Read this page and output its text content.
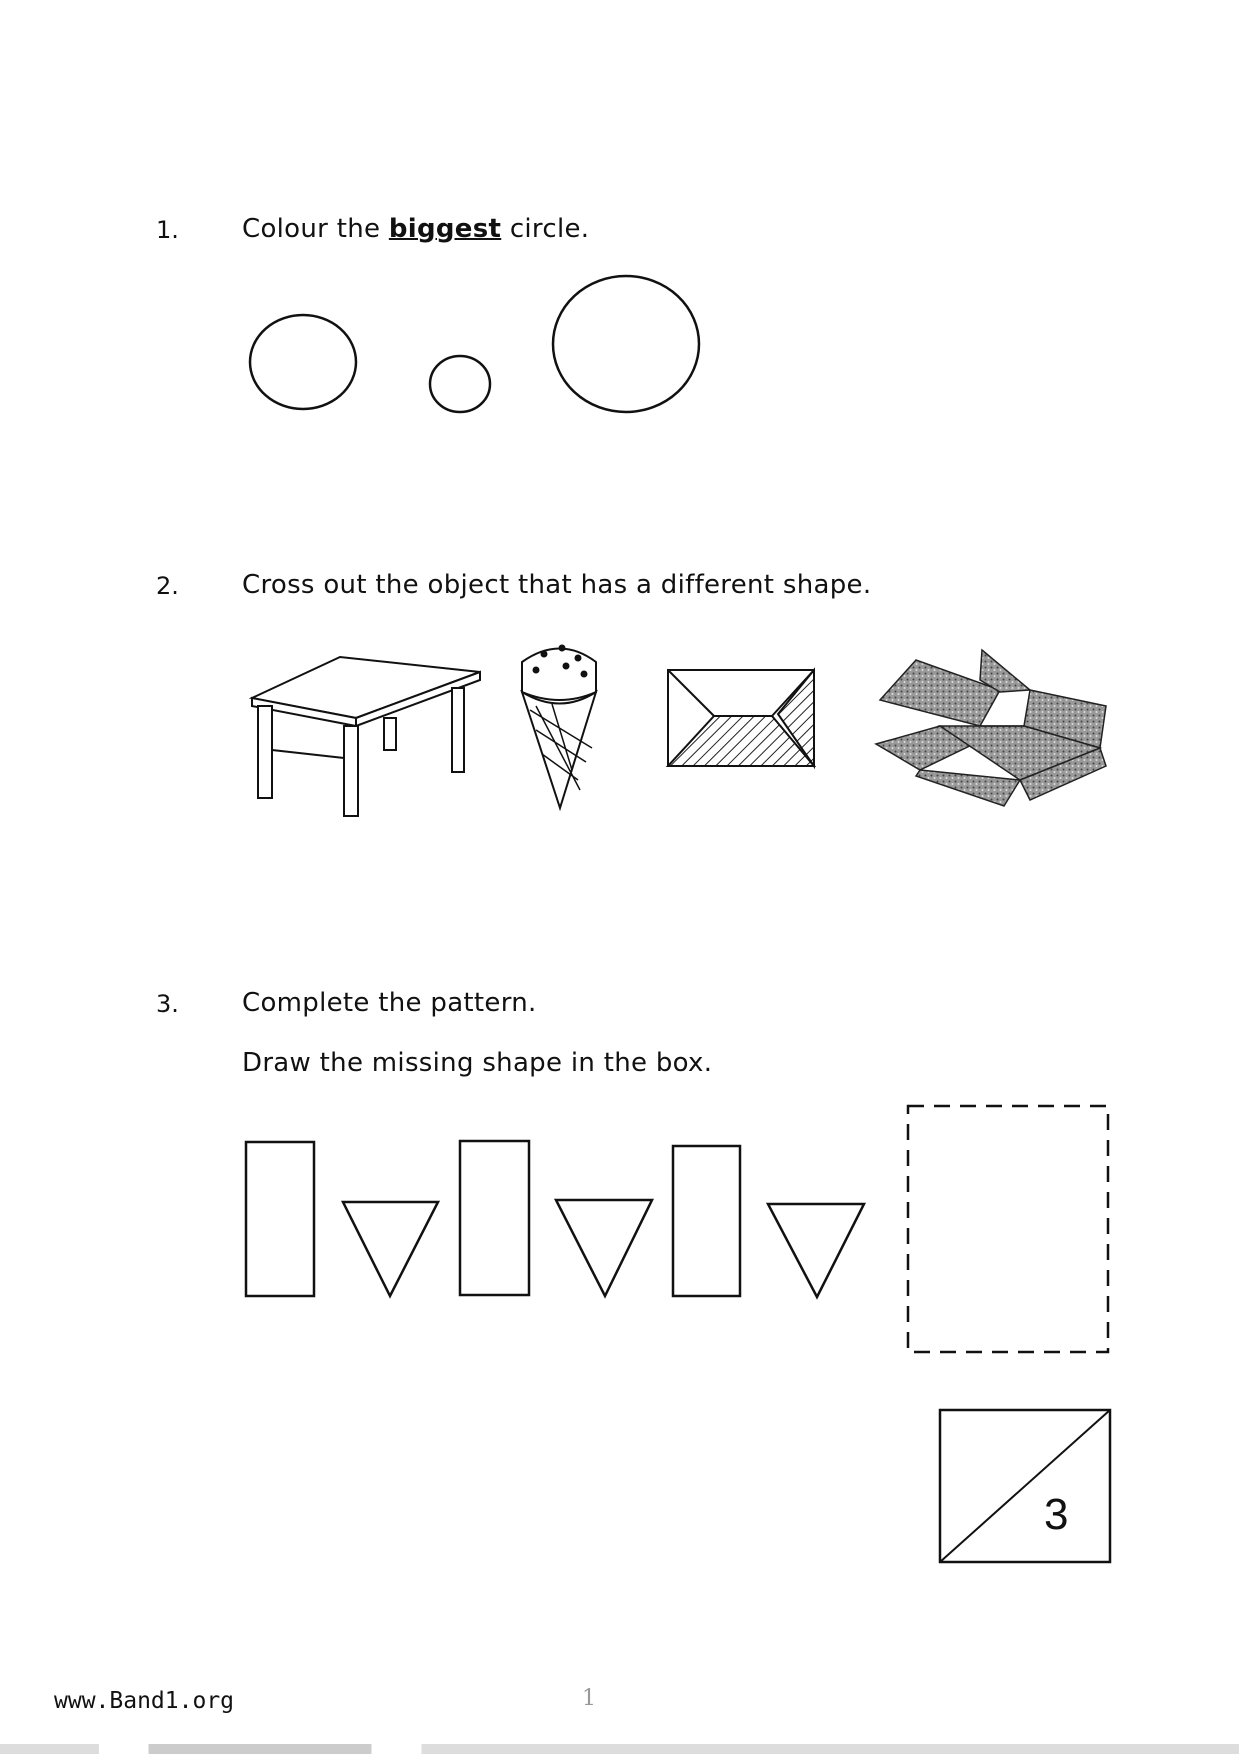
1. Colour the biggest circle.
2. Cross out the object that has a different shape.
3. Complete the pattern.
Draw the missing shape in the box.
3
www.Band1.org	1
